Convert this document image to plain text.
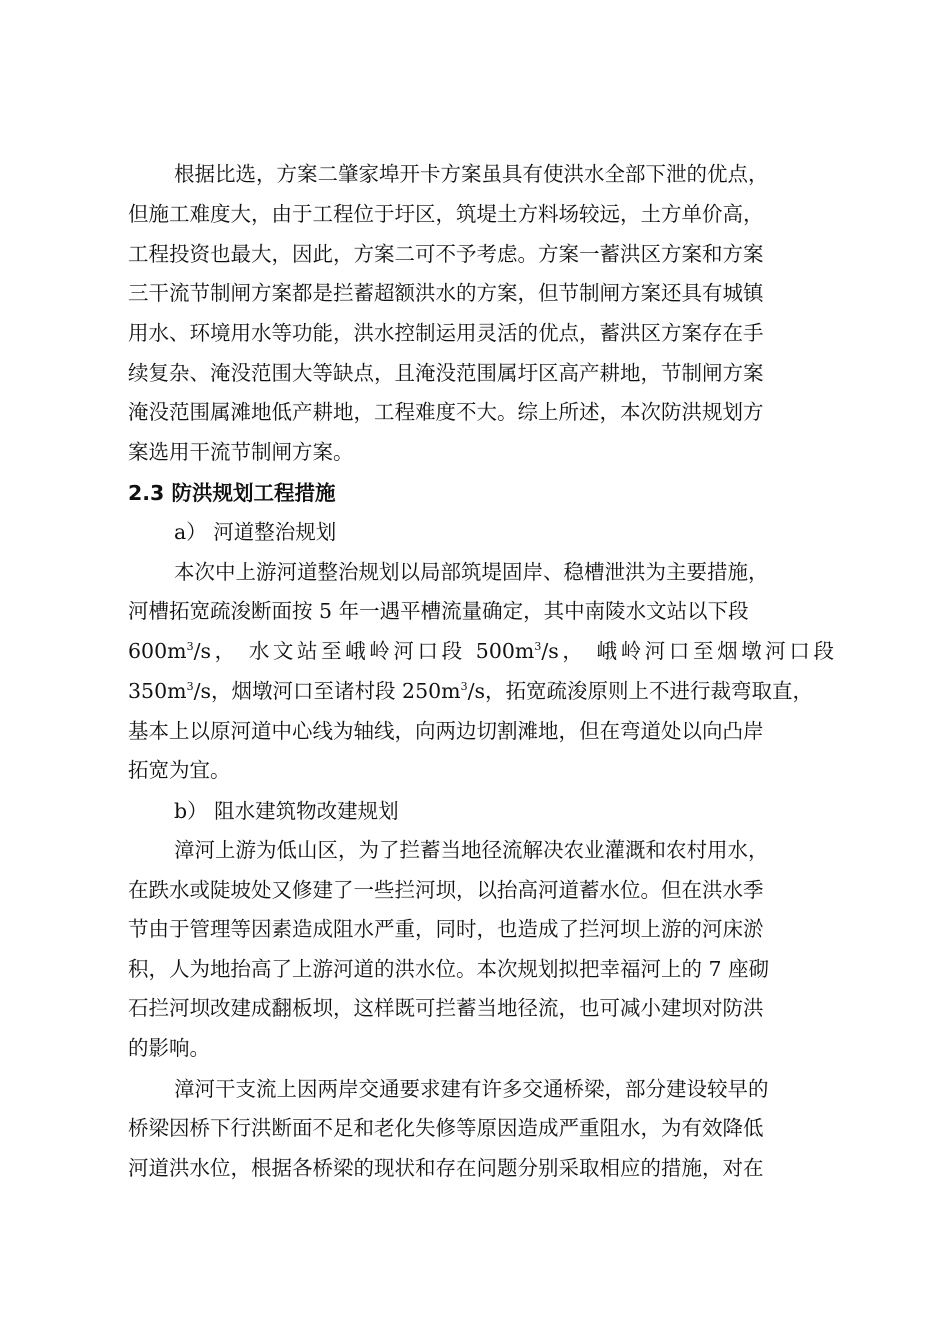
根据比选，方案二肇家埠开卡方案虽具有使洪水全部下泄的优点，
但施工难度大，由于工程位于圩区，筑堤土方料场较远，土方单价高，
工程投资也最大，因此，方案二可不予考虑。方案一蓄洪区方案和方案
三干流节制闸方案都是拦蓄超额洪水的方案，但节制闸方案还具有城镇
用水、环境用水等功能，洪水控制运用灵活的优点，蓄洪区方案存在手
续复杂、淹没范围大等缺点，且淹没范围属圩区高产耕地，节制闸方案
淹没范围属滩地低产耕地，工程难度不大。综上所述，本次防洪规划方
案选用干流节制闸方案。
2.3 防洪规划工程措施
a） 河道整治规划
本次中上游河道整治规划以局部筑堤固岸、稳槽泄洪为主要措施，
河槽拓宽疏浚断面按 5 年一遇平槽流量确定，其中南陵水文站以下段
$600m^3/s$， 水文站至峨岭河口段 $500m^3/s$， 峨岭河口至烟墩河口段
$350m^3/s$，烟墩河口至诸村段 $250m^3/s$，拓宽疏浚原则上不进行裁弯取直，
基本上以原河道中心线为轴线，向两边切割滩地，但在弯道处以向凸岸
拓宽为宜。
b） 阻水建筑物改建规划
漳河上游为低山区，为了拦蓄当地径流解决农业灌溉和农村用水，
在跌水或陡坡处又修建了一些拦河坝，以抬高河道蓄水位。但在洪水季
节由于管理等因素造成阻水严重，同时，也造成了拦河坝上游的河床淤
积，人为地抬高了上游河道的洪水位。本次规划拟把幸福河上的 7 座砌
石拦河坝改建成翻板坝，这样既可拦蓄当地径流，也可减小建坝对防洪
的影响。
漳河干支流上因两岸交通要求建有许多交通桥梁，部分建设较早的
桥梁因桥下行洪断面不足和老化失修等原因造成严重阻水，为有效降低
河道洪水位，根据各桥梁的现状和存在问题分别采取相应的措施，对在
